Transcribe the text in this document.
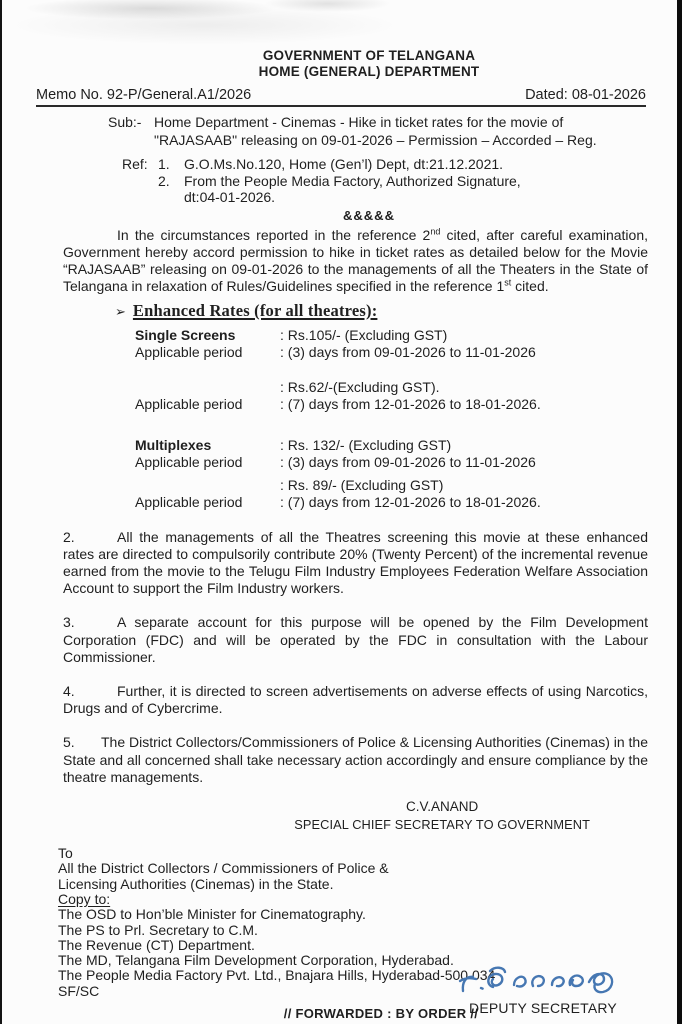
GOVERNMENT OF TELANGANA
HOME (GENERAL) DEPARTMENT
Memo No. 92-P/General.A1/2026	Dated: 08-01-2026
Sub:- Home Department - Cinemas - Hike in ticket rates for the movie of
"RAJASAAB" releasing on 09-01-2026 – Permission – Accorded – Reg.
Ref: 1. G.O.Ms.No.120, Home (Gen’l) Dept, dt:21.12.2021.
2. From the People Media Factory, Authorized Signature,
dt:04-01-2026.
&&&&&
In the circumstances reported in the reference 2nd cited, after careful examination, Government hereby accord permission to hike in ticket rates as detailed below for the Movie “RAJASAAB” releasing on 09-01-2026 to the managements of all the Theaters in the State of Telangana in relaxation of Rules/Guidelines specified in the reference 1st cited.
➢ Enhanced Rates (for all theatres):
Single Screens	: Rs.105/- (Excluding GST)
Applicable period	: (3) days from 09-01-2026 to 11-01-2026
: Rs.62/-(Excluding GST).
Applicable period	: (7) days from 12-01-2026 to 18-01-2026.
Multiplexes	: Rs. 132/- (Excluding GST)
Applicable period	: (3) days from 09-01-2026 to 11-01-2026
: Rs. 89/- (Excluding GST)
Applicable period	: (7) days from 12-01-2026 to 18-01-2026.
2.	All the managements of all the Theatres screening this movie at these enhanced rates are directed to compulsorily contribute 20% (Twenty Percent) of the incremental revenue earned from the movie to the Telugu Film Industry Employees Federation Welfare Association Account to support the Film Industry workers.
3.	A separate account for this purpose will be opened by the Film Development Corporation (FDC) and will be operated by the FDC in consultation with the Labour Commissioner.
4.	Further, it is directed to screen advertisements on adverse effects of using Narcotics, Drugs and of Cybercrime.
5. The District Collectors/Commissioners of Police & Licensing Authorities (Cinemas) in the State and all concerned shall take necessary action accordingly and ensure compliance by the theatre managements.
C.V.ANAND
SPECIAL CHIEF SECRETARY TO GOVERNMENT
To
All the District Collectors / Commissioners of Police &
Licensing Authorities (Cinemas) in the State.
Copy to:
The OSD to Hon’ble Minister for Cinematography.
The PS to Prl. Secretary to C.M.
The Revenue (CT) Department.
The MD, Telangana Film Development Corporation, Hyderabad.
The People Media Factory Pvt. Ltd., Bnajara Hills, Hyderabad-500 034
SF/SC
// FORWARDED : BY ORDER //
DEPUTY SECRETARY
